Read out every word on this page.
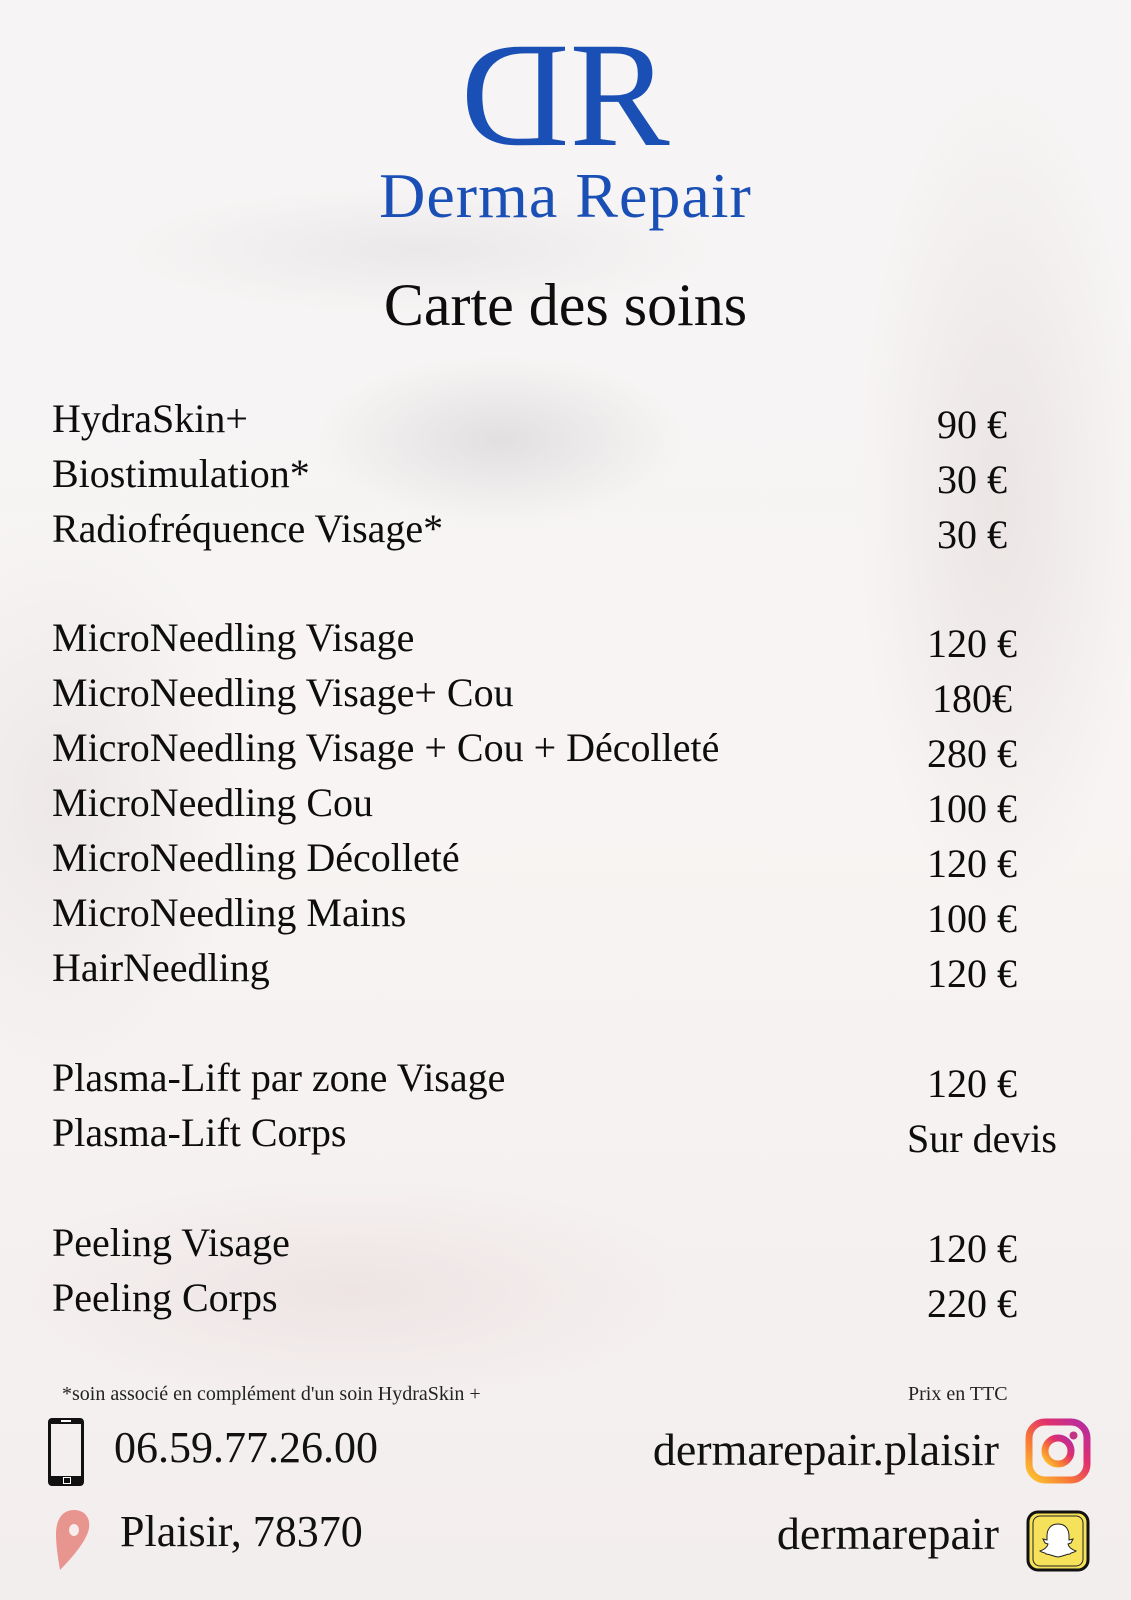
DR
Derma Repair
Carte des soins
HydraSkin+	90 €
Biostimulation*	30 €
Radiofréquence Visage*	30 €
MicroNeedling Visage	120 €
MicroNeedling Visage+ Cou	180€
MicroNeedling Visage + Cou + Décolleté	280 €
MicroNeedling Cou	100 €
MicroNeedling Décolleté	120 €
MicroNeedling Mains	100 €
HairNeedling	120 €
Plasma-Lift par zone Visage	120 €
Plasma-Lift Corps	Sur devis
Peeling Visage	120 €
Peeling Corps	220 €
*soin associé en complément d'un soin HydraSkin +	Prix en TTC
06.59.77.26.00
Plaisir, 78370
dermarepair.plaisir
dermarepair
